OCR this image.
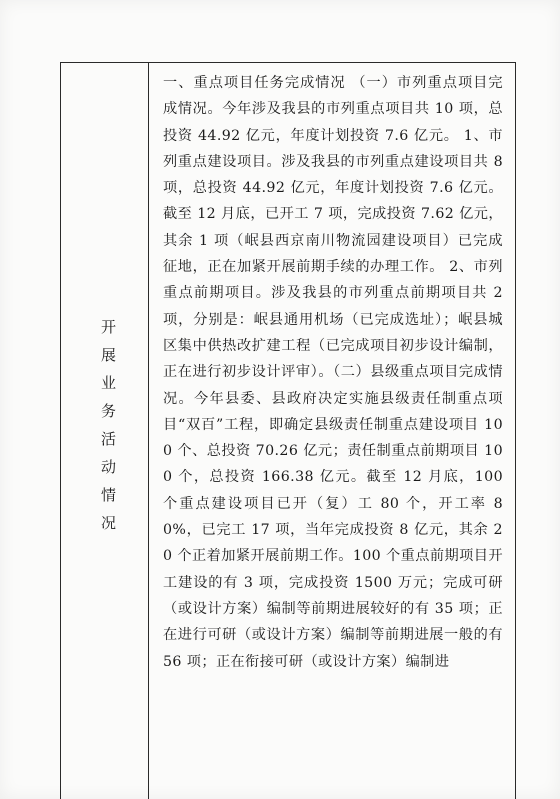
开展业务活动情况

一、重点项目任务完成情况 （一）市列重点项目完成情况。今年涉及我县的市列重点项目共 10 项，总投资 44.92 亿元，年度计划投资 7.6 亿元。 1、市列重点建设项目。涉及我县的市列重点建设项目共 8 项，总投资 44.92 亿元，年度计划投资 7.6 亿元。截至 12 月底，已开工 7 项，完成投资 7.62 亿元，其余 1 项（岷县西京南川物流园建设项目）已完成征地，正在加紧开展前期手续的办理工作。 2、市列重点前期项目。涉及我县的市列重点前期项目共 2 项，分别是：岷县通用机场（已完成选址）；岷县城区集中供热改扩建工程（已完成项目初步设计编制，正在进行初步设计评审）。（二）县级重点项目完成情况。今年县委、县政府决定实施县级责任制重点项目“双百”工程，即确定县级责任制重点建设项目 100 个、总投资 70.26 亿元；责任制重点前期项目 100 个，总投资 166.38 亿元。截至 12 月底，100 个重点建设项目已开（复）工 80 个，开工率 80%，已完工 17 项，当年完成投资 8 亿元，其余 20 个正着加紧开展前期工作。100 个重点前期项目开工建设的有 3 项，完成投资 1500 万元；完成可研（或设计方案）编制等前期进展较好的有 35 项；正在进行可研（或设计方案）编制等前期进展一般的有 56 项；正在衔接可研（或设计方案）编制进
